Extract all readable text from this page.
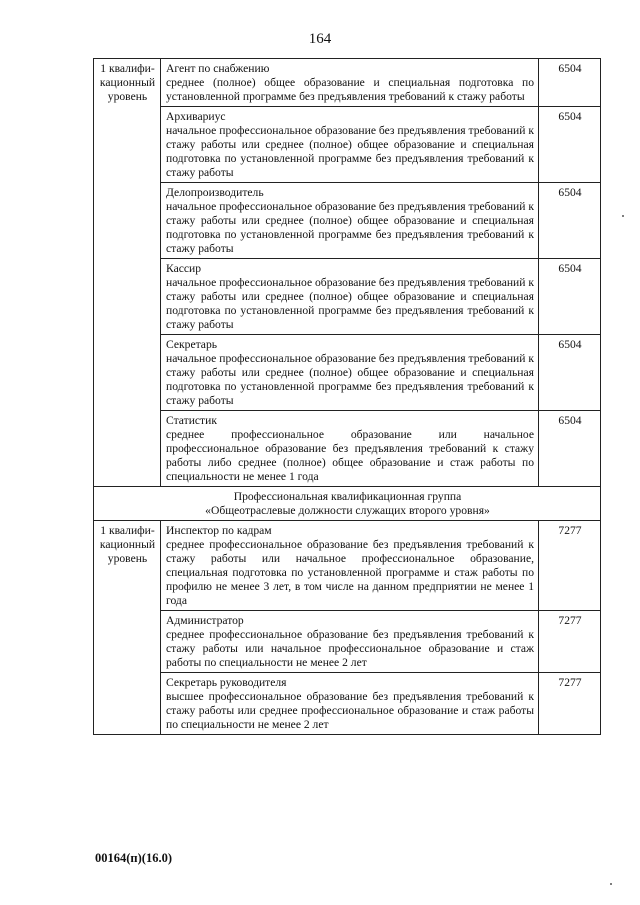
164
1 квалифи-кационный уровень	Агент по снабжению
среднее (полное) общее образование и специальная подготовка по установленной программе без предъявления требований к стажу работы	6504

	Архивариус
начальное профессиональное образование без предъявления требований к стажу работы или среднее (полное) общее образование и специальная подготовка по установленной программе без предъявления требований к стажу работы	6504

	Делопроизводитель
начальное профессиональное образование без предъявления требований к стажу работы или среднее (полное) общее образование и специальная подготовка по установленной программе без предъявления требований к стажу работы	6504

	Кассир
начальное профессиональное образование без предъявления требований к стажу работы или среднее (полное) общее образование и специальная подготовка по установленной программе без предъявления требований к стажу работы	6504

	Секретарь
начальное профессиональное образование без предъявления требований к стажу работы или среднее (полное) общее образование и специальная подготовка по установленной программе без предъявления требований к стажу работы	6504

	Статистик
среднее профессиональное образование или начальное профессиональное образование без предъявления требований к стажу работы либо среднее (полное) общее образование и стаж работы по специальности не менее 1 года	6504

Профессиональная квалификационная группа
«Общеотраслевые должности служащих второго уровня»		

1 квалифи-кационный уровень	Инспектор по кадрам
среднее профессиональное образование без предъявления требований к стажу работы или начальное профессиональное образование, специальная подготовка по установленной программе и стаж работы по профилю не менее 3 лет, в том числе на данном предприятии не менее 1 года	7277

	Администратор
среднее профессиональное образование без предъявления требований к стажу работы или начальное профессиональное образование и стаж работы по специальности не менее 2 лет	7277

	Секретарь руководителя
высшее профессиональное образование без предъявления требований к стажу работы или среднее профессиональное образование и стаж работы по специальности не менее 2 лет	7277
00164(п)(16.0)
